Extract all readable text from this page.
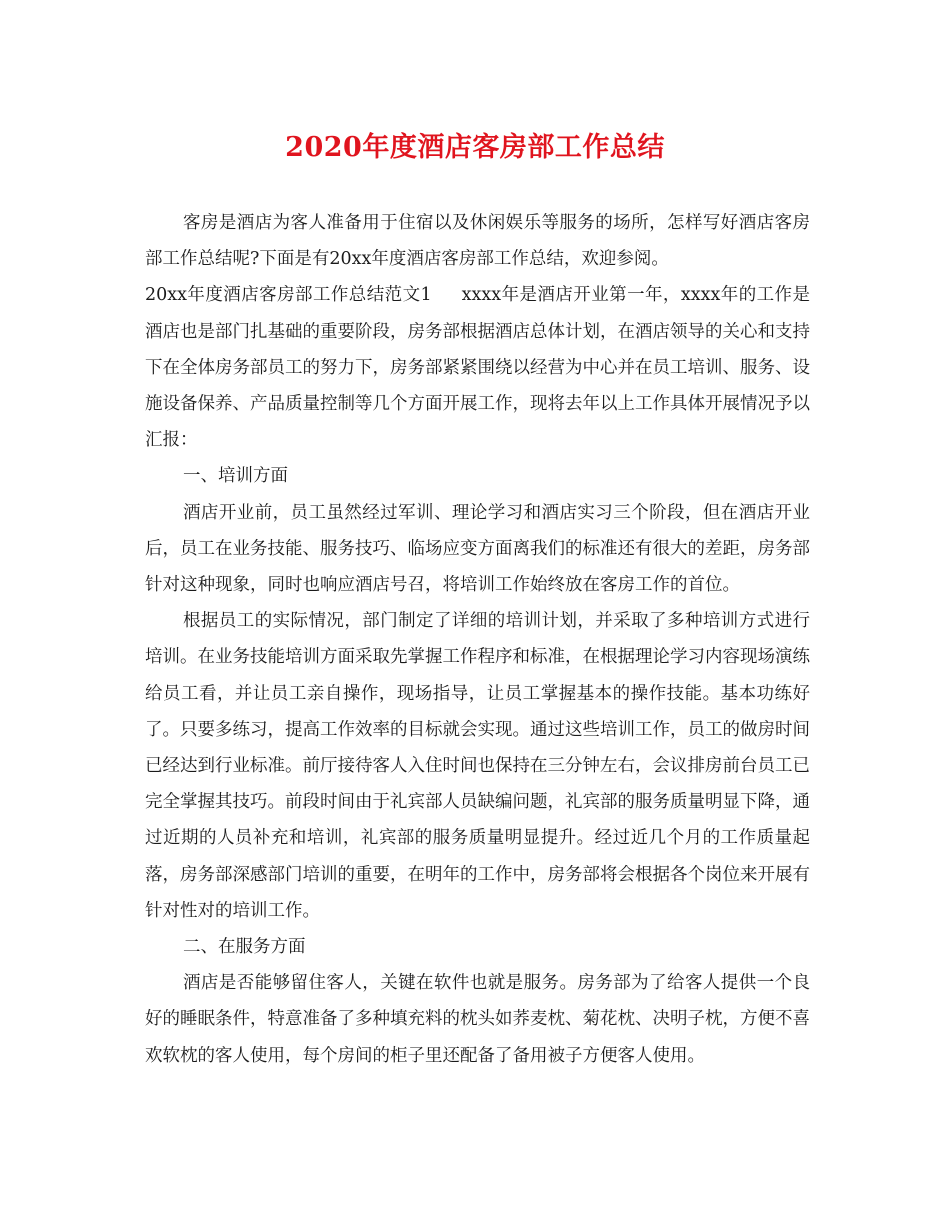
2020年度酒店客房部工作总结

客房是酒店为客人准备用于住宿以及休闲娱乐等服务的场所，怎样写好酒店客房部工作总结呢?下面是有20xx年度酒店客房部工作总结，欢迎参阅。

20xx年度酒店客房部工作总结范文1 xxxx年是酒店开业第一年，xxxx年的工作是酒店也是部门扎基础的重要阶段，房务部根据酒店总体计划，在酒店领导的关心和支持下在全体房务部员工的努力下，房务部紧紧围绕以经营为中心并在员工培训、服务、设施设备保养、产品质量控制等几个方面开展工作，现将去年以上工作具体开展情况予以汇报：

一、培训方面

酒店开业前，员工虽然经过军训、理论学习和酒店实习三个阶段，但在酒店开业后，员工在业务技能、服务技巧、临场应变方面离我们的标准还有很大的差距，房务部针对这种现象，同时也响应酒店号召，将培训工作始终放在客房工作的首位。

根据员工的实际情况，部门制定了详细的培训计划，并采取了多种培训方式进行培训。在业务技能培训方面采取先掌握工作程序和标准，在根据理论学习内容现场演练给员工看，并让员工亲自操作，现场指导，让员工掌握基本的操作技能。基本功练好了。只要多练习，提高工作效率的目标就会实现。通过这些培训工作，员工的做房时间已经达到行业标准。前厅接待客人入住时间也保持在三分钟左右，会议排房前台员工已完全掌握其技巧。前段时间由于礼宾部人员缺编问题，礼宾部的服务质量明显下降，通过近期的人员补充和培训，礼宾部的服务质量明显提升。经过近几个月的工作质量起落，房务部深感部门培训的重要，在明年的工作中，房务部将会根据各个岗位来开展有针对性对的培训工作。

二、在服务方面

酒店是否能够留住客人，关键在软件也就是服务。房务部为了给客人提供一个良好的睡眠条件，特意准备了多种填充料的枕头如荞麦枕、菊花枕、决明子枕，方便不喜欢软枕的客人使用，每个房间的柜子里还配备了备用被子方便客人使用。
